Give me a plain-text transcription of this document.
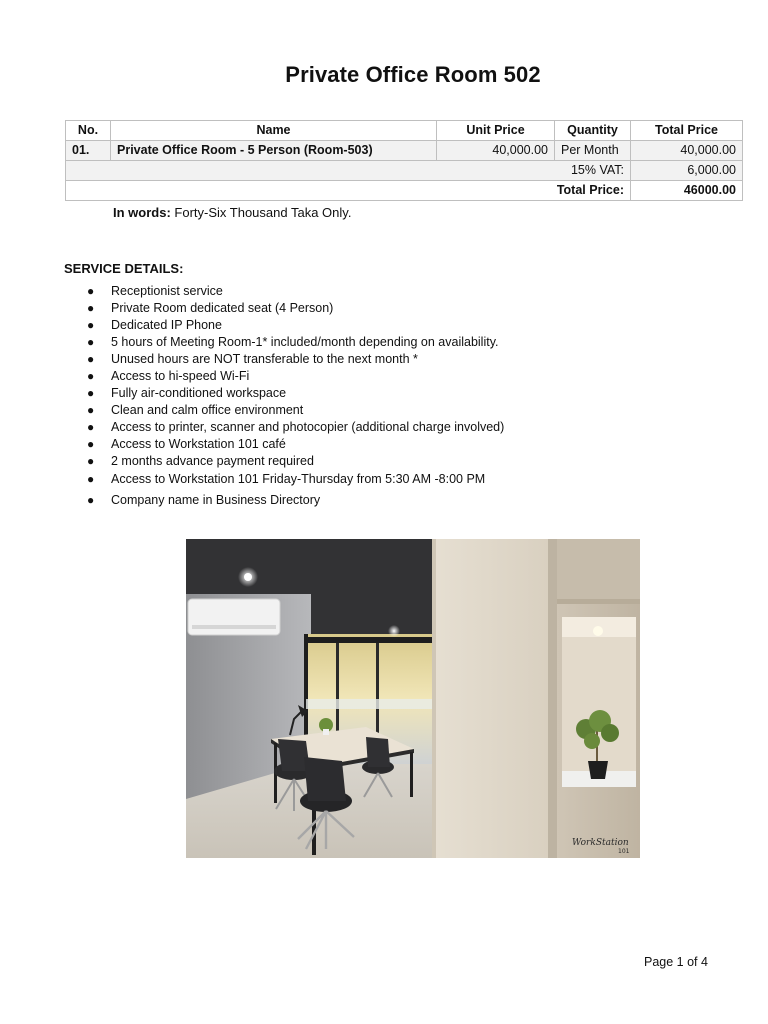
Private Office Room 502
No.	Name	Unit Price	Quantity	Total Price
01.	Private Office Room - 5 Person (Room-503)	40,000.00	Per Month	40,000.00
15% VAT:				6,000.00
Total Price:				46000.00
In words: Forty-Six Thousand Taka Only.
SERVICE DETAILS:
● Receptionist service
● Private Room dedicated seat (4 Person)
● Dedicated IP Phone
● 5 hours of Meeting Room-1* included/month depending on availability.
● Unused hours are NOT transferable to the next month *
● Access to hi-speed Wi-Fi
● Fully air-conditioned workspace
● Clean and calm office environment
● Access to printer, scanner and photocopier (additional charge involved)
● Access to Workstation 101 café
● 2 months advance payment required
● Access to Workstation 101 Friday-Thursday from 5:30 AM -8:00 PM
● Company name in Business Directory
WorkStation
101
Page 1 of 4
